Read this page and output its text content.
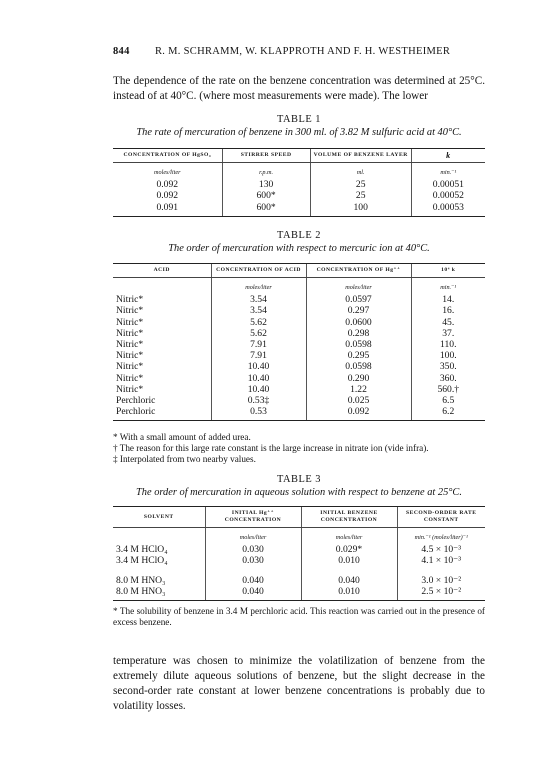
844 R. M. SCHRAMM, W. KLAPPROTH AND F. H. WESTHEIMER
The dependence of the rate on the benzene concentration was determined at 25°C. instead of at 40°C. (where most measurements were made). The lower
TABLE 1
The rate of mercuration of benzene in 300 ml. of 3.82 M sulfuric acid at 40°C.
CONCENTRATION OF HgSO₄	STIRRER SPEED	VOLUME OF BENZENE LAYER	k
moles/liter	r.p.m.	ml.	min.⁻¹
0.092	130	25	0.00051
0.092	600*	25	0.00052
0.091	600*	100	0.00053
TABLE 2
The order of mercuration with respect to mercuric ion at 40°C.
ACID	CONCENTRATION OF ACID	CONCENTRATION OF Hg⁺⁺	10⁴ k
	moles/liter	moles/liter	min.⁻¹
Nitric*	3.54	0.0597	14.
Nitric*	3.54	0.297	16.
Nitric*	5.62	0.0600	45.
Nitric*	5.62	0.298	37.
Nitric*	7.91	0.0598	110.
Nitric*	7.91	0.295	100.
Nitric*	10.40	0.0598	350.
Nitric*	10.40	0.290	360.
Nitric*	10.40	1.22	560.†
Perchloric	0.53‡	0.025	6.5
Perchloric	0.53	0.092	6.2
* With a small amount of added urea.
† The reason for this large rate constant is the large increase in nitrate ion (vide infra).
‡ Interpolated from two nearby values.
TABLE 3
The order of mercuration in aqueous solution with respect to benzene at 25°C.
SOLVENT	INITIAL Hg⁺⁺ CONCENTRATION	INITIAL BENZENE CONCENTRATION	SECOND-ORDER RATE CONSTANT
	moles/liter	moles/liter	min.⁻¹ (moles/liter)⁻¹
3.4 M HClO₄	0.030	0.029*	4.5 × 10⁻³
3.4 M HClO₄	0.030	0.010	4.1 × 10⁻³

8.0 M HNO₃	0.040	0.040	3.0 × 10⁻²
8.0 M HNO₃	0.040	0.010	2.5 × 10⁻²
* The solubility of benzene in 3.4 M perchloric acid. This reaction was carried out in the presence of excess benzene.
temperature was chosen to minimize the volatilization of benzene from the extremely dilute aqueous solutions of benzene, but the slight decrease in the second-order rate constant at lower benzene concentrations is probably due to volatility losses.
